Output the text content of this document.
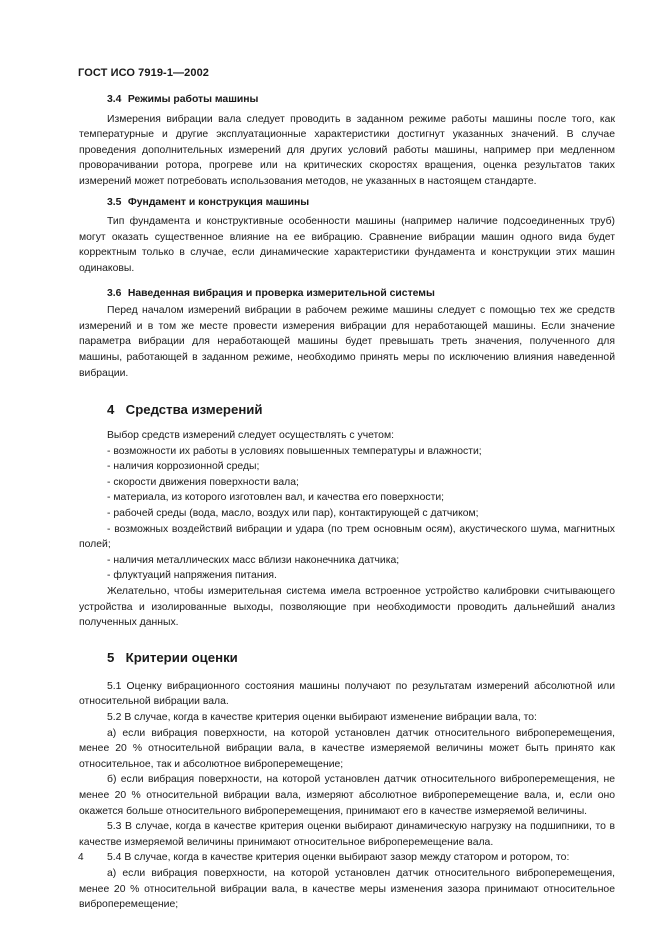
ГОСТ ИСО 7919-1—2002
3.4 Режимы работы машины

Измерения вибрации вала следует проводить в заданном режиме работы машины после того, как температурные и другие эксплуатационные характеристики достигнут указанных значений. В случае проведения дополнительных измерений для других условий работы машины, например при медленном проворачивании ротора, прогреве или на критических скоростях вращения, оценка результатов таких измерений может потребовать использования методов, не указанных в настоящем стандарте.

3.5 Фундамент и конструкция машины

Тип фундамента и конструктивные особенности машины (например наличие подсоединенных труб) могут оказать существенное влияние на ее вибрацию. Сравнение вибрации машин одного вида будет корректным только в случае, если динамические характеристики фундамента и конструкции этих машин одинаковы.

3.6 Наведенная вибрация и проверка измерительной системы

Перед началом измерений вибрации в рабочем режиме машины следует с помощью тех же средств измерений и в том же месте провести измерения вибрации для неработающей машины. Если значение параметра вибрации для неработающей машины будет превышать треть значения, полученного для машины, работающей в заданном режиме, необходимо принять меры по исключению влияния наведенной вибрации.

4 Средства измерений

Выбор средств измерений следует осуществлять с учетом:

- возможности их работы в условиях повышенных температуры и влажности;

- наличия коррозионной среды;

- скорости движения поверхности вала;

- материала, из которого изготовлен вал, и качества его поверхности;

- рабочей среды (вода, масло, воздух или пар), контактирующей с датчиком;

- возможных воздействий вибрации и удара (по трем основным осям), акустического шума, магнитных полей;

- наличия металлических масс вблизи наконечника датчика;

- флуктуаций напряжения питания.

Желательно, чтобы измерительная система имела встроенное устройство калибровки считывающего устройства и изолированные выходы, позволяющие при необходимости проводить дальнейший анализ полученных данных.

5 Критерии оценки

5.1 Оценку вибрационного состояния машины получают по результатам измерений абсолютной или относительной вибрации вала.

5.2 В случае, когда в качестве критерия оценки выбирают изменение вибрации вала, то:

а) если вибрация поверхности, на которой установлен датчик относительного виброперемещения, менее 20 % относительной вибрации вала, в качестве измеряемой величины может быть принято как относительное, так и абсолютное виброперемещение;

б) если вибрация поверхности, на которой установлен датчик относительного виброперемещения, не менее 20 % относительной вибрации вала, измеряют абсолютное виброперемещение вала, и, если оно окажется больше относительного виброперемещения, принимают его в качестве измеряемой величины.

5.3 В случае, когда в качестве критерия оценки выбирают динамическую нагрузку на подшипники, то в качестве измеряемой величины принимают относительное виброперемещение вала.

5.4 В случае, когда в качестве критерия оценки выбирают зазор между статором и ротором, то:

а) если вибрация поверхности, на которой установлен датчик относительного виброперемещения, менее 20 % относительной вибрации вала, в качестве меры изменения зазора принимают относительное виброперемещение;

4
